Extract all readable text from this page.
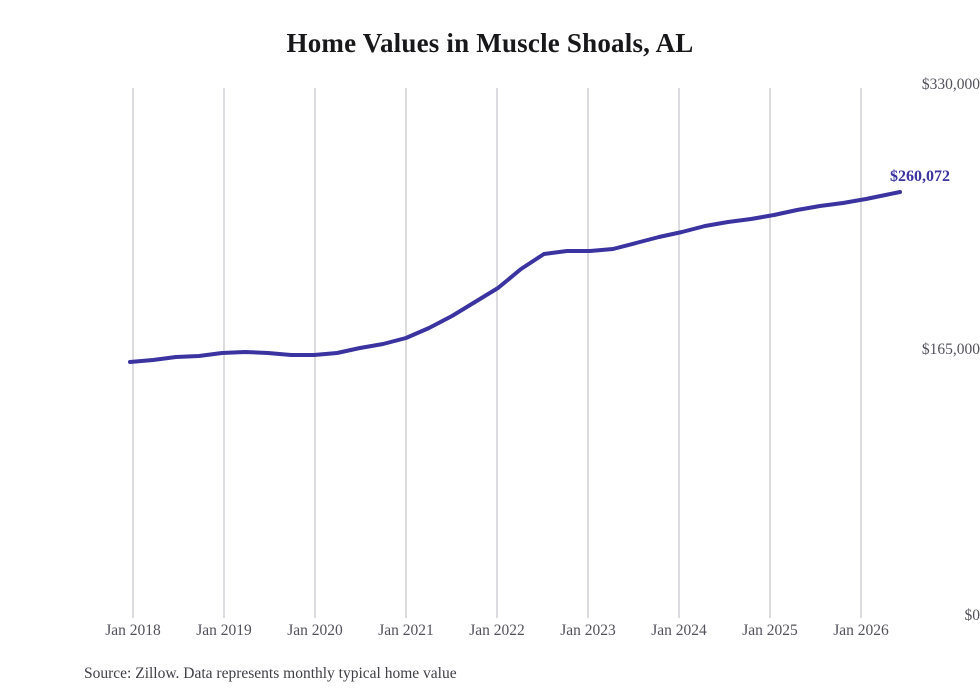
Home Values in Muscle Shoals, AL
$330,000
$165,000
$0
$260,072
Jan 2018	Jan 2019	Jan 2020	Jan 2021	Jan 2022	Jan 2023	Jan 2024	Jan 2025	Jan 2026
Source: Zillow. Data represents monthly typical home value
